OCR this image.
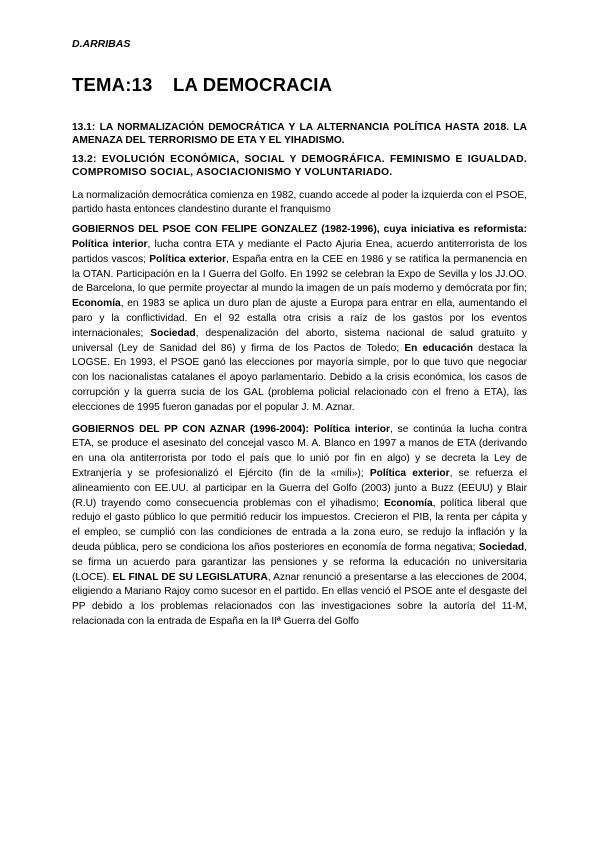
D.ARRIBAS
TEMA:13 LA DEMOCRACIA

13.1: LA NORMALIZACIÓN DEMOCRÁTICA Y LA ALTERNANCIA POLÍTICA HASTA 2018. LA AMENAZA DEL TERRORISMO DE ETA Y EL YIHADISMO.

13.2: EVOLUCIÓN ECONÓMICA, SOCIAL Y DEMOGRÁFICA. FEMINISMO E IGUALDAD. COMPROMISO SOCIAL, ASOCIACIONISMO Y VOLUNTARIADO.

La normalización democrática comienza en 1982, cuando accede al poder la izquierda con el PSOE, partido hasta entonces clandestino durante el franquismo

GOBIERNOS DEL PSOE CON FELIPE GONZALEZ (1982-1996), cuya iniciativa es reformista: Política interior, lucha contra ETA y mediante el Pacto Ajuria Enea, acuerdo antiterrorista de los partidos vascos; Política exterior, España entra en la CEE en 1986 y se ratifica la permanencia en la OTAN. Participación en la I Guerra del Golfo. En 1992 se celebran la Expo de Sevilla y los JJ.OO. de Barcelona, lo que permite proyectar al mundo la imagen de un país moderno y demócrata por fin; Economía, en 1983 se aplica un duro plan de ajuste a Europa para entrar en ella, aumentando el paro y la conflictividad. En el 92 estalla otra crisis a raíz de los gastos por los eventos internacionales; Sociedad, despenalización del aborto, sistema nacional de salud gratuito y universal (Ley de Sanidad del 86) y firma de los Pactos de Toledo; En educación destaca la LOGSE. En 1993, el PSOE ganó las elecciones por mayoría simple, por lo que tuvo que negociar con los nacionalistas catalanes el apoyo parlamentario. Debido a la crisis económica, los casos de corrupción y la guerra sucia de los GAL (problema policial relacionado con el freno a ETA), las elecciones de 1995 fueron ganadas por el popular J. M. Aznar.

GOBIERNOS DEL PP CON AZNAR (1996-2004): Política interior, se continúa la lucha contra ETA, se produce el asesinato del concejal vasco M. A. Blanco en 1997 a manos de ETA (derivando en una ola antiterrorista por todo el país que lo unió por fin en algo) y se decreta la Ley de Extranjería y se profesionalizó el Ejército (fin de la «mili»); Política exterior, se refuerza el alineamiento con EE.UU. al participar en la Guerra del Golfo (2003) junto a Buzz (EEUU) y Blair (R.U) trayendo como consecuencia problemas con el yihadismo; Economía, política liberal que redujo el gasto público lo que permitió reducir los impuestos. Crecieron el PIB, la renta per cápita y el empleo, se cumplió con las condiciones de entrada a la zona euro, se redujo la inflación y la deuda pública, pero se condiciona los años posteriores en economía de forma negativa; Sociedad, se firma un acuerdo para garantizar las pensiones y se reforma la educación no universitaria (LOCE). EL FINAL DE SU LEGISLATURA, Aznar renunció a presentarse a las elecciones de 2004, eligiendo a Mariano Rajoy como sucesor en el partido. En ellas venció el PSOE ante el desgaste del PP debido a los problemas relacionados con las investigaciones sobre la autoría del 11-M, relacionada con la entrada de España en la IIª Guerra del Golfo
